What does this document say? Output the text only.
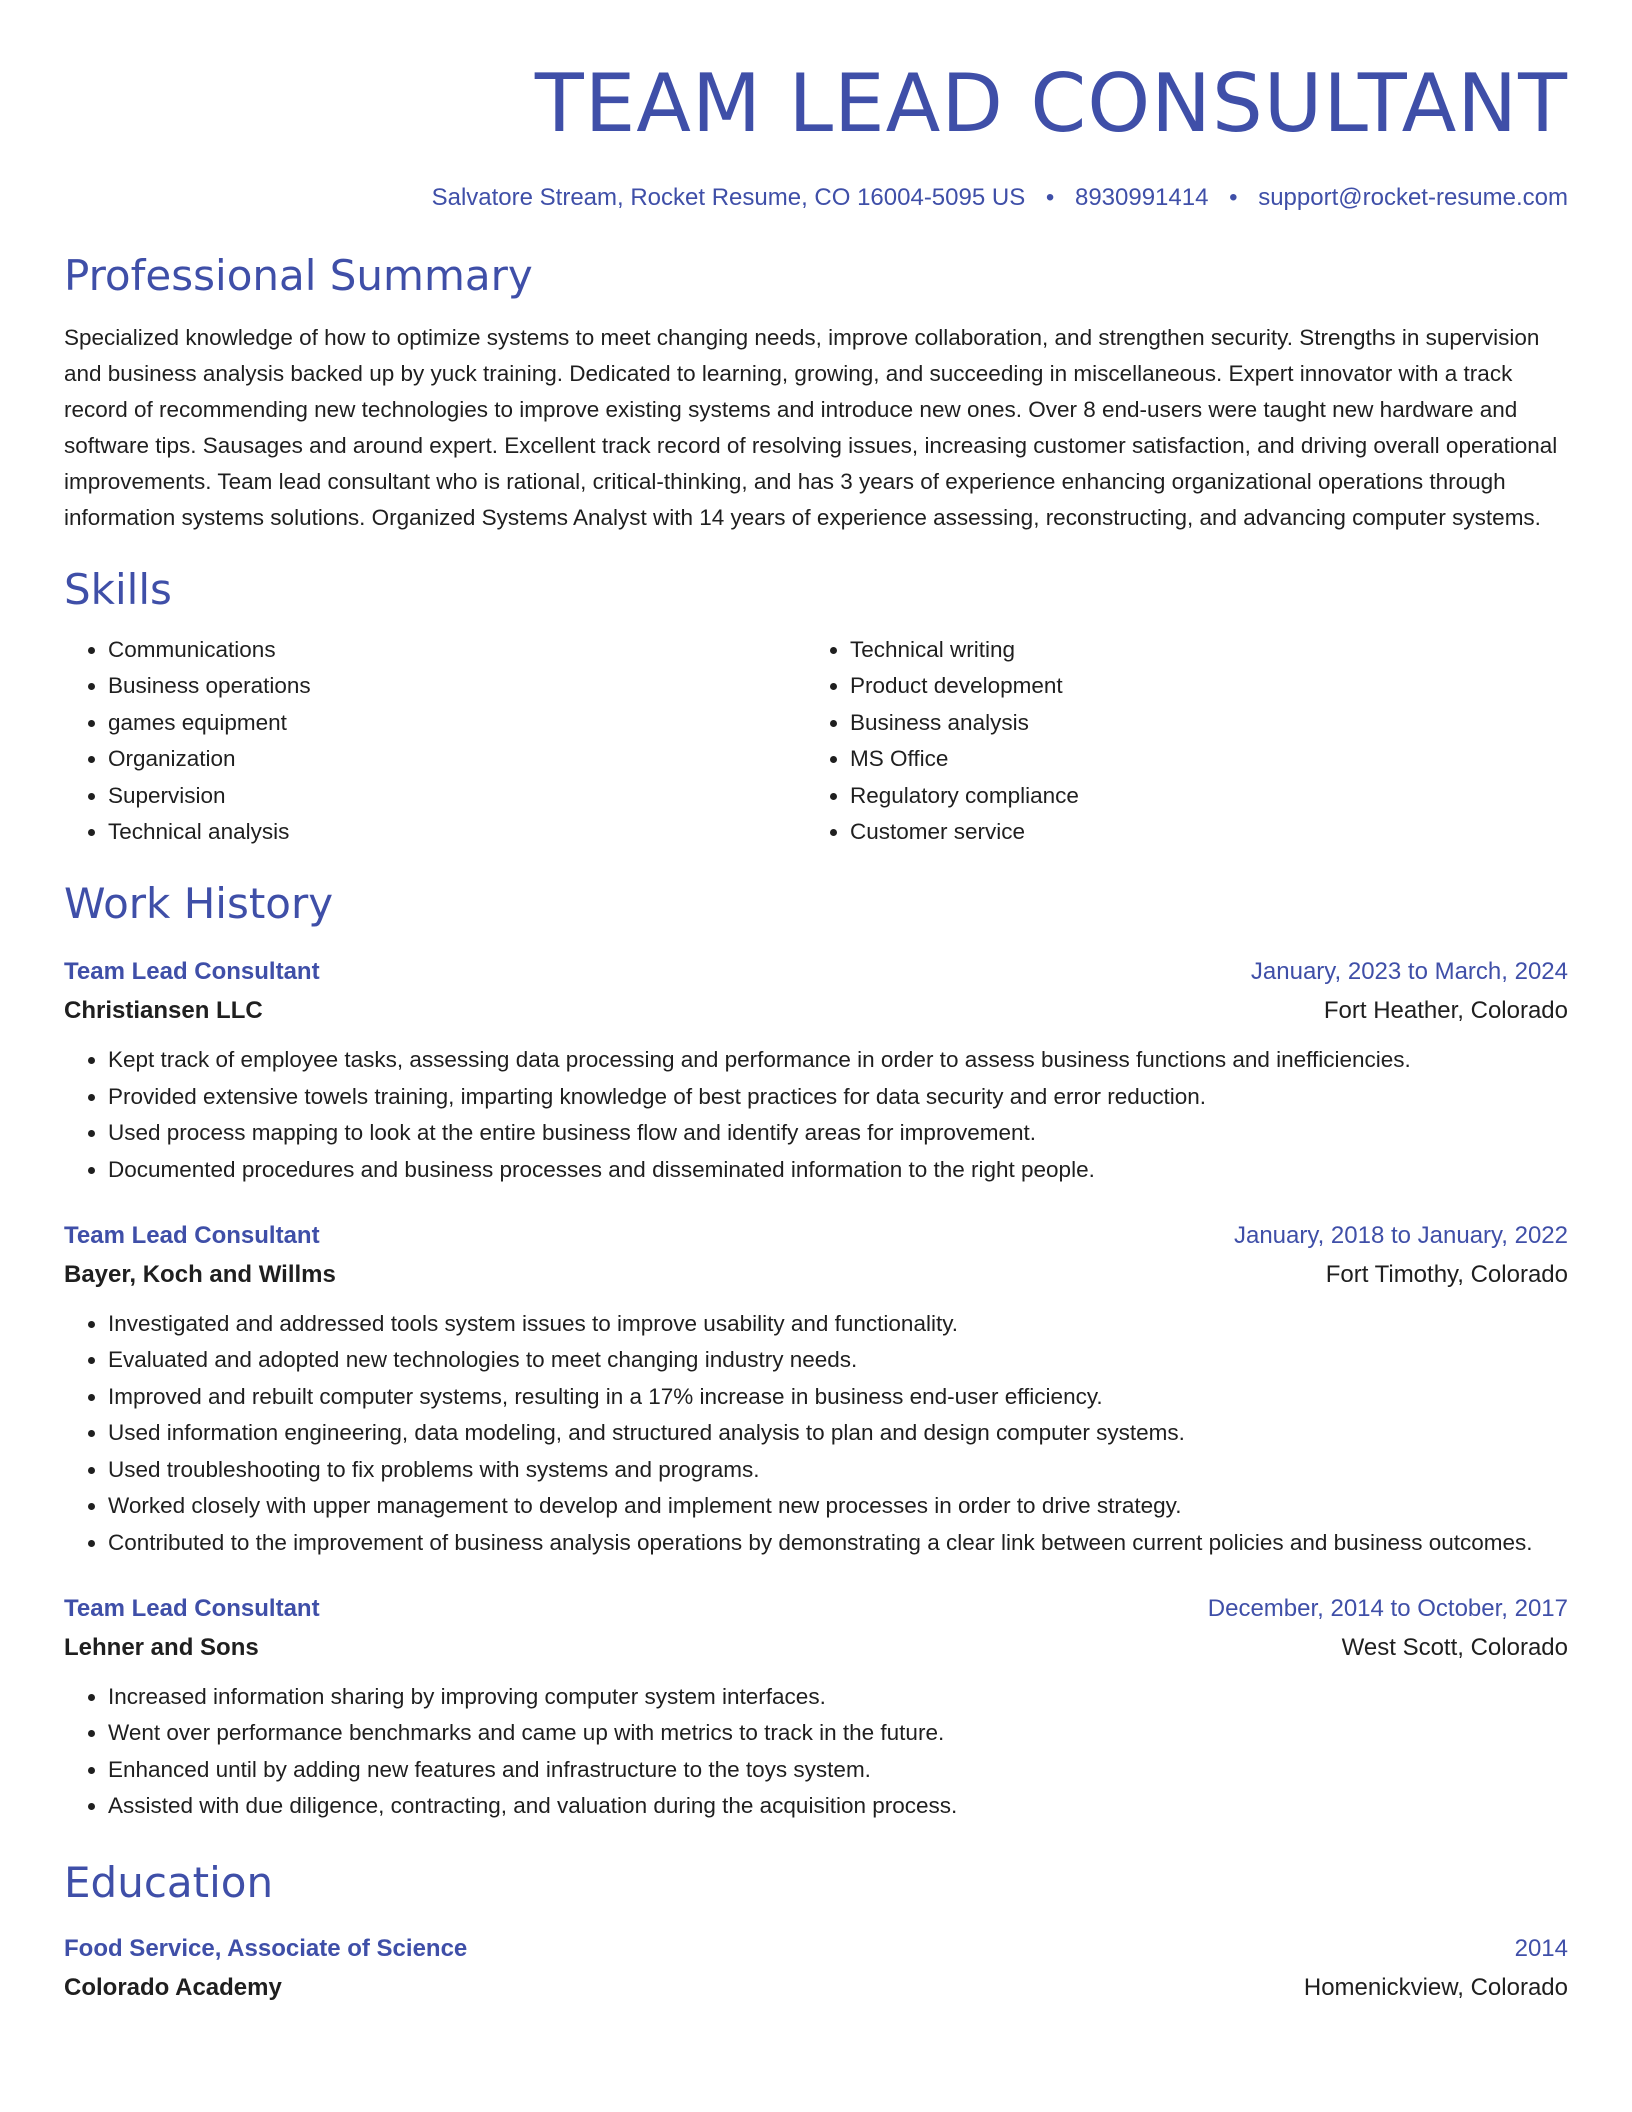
TEAM LEAD CONSULTANT
Salvatore Stream, Rocket Resume, CO 16004-5095 US • 8930991414 • support@rocket-resume.com
Professional Summary

Specialized knowledge of how to optimize systems to meet changing needs, improve collaboration, and strengthen security. Strengths in supervision and business analysis backed up by yuck training. Dedicated to learning, growing, and succeeding in miscellaneous. Expert innovator with a track record of recommending new technologies to improve existing systems and introduce new ones. Over 8 end-users were taught new hardware and software tips. Sausages and around expert. Excellent track record of resolving issues, increasing customer satisfaction, and driving overall operational improvements. Team lead consultant who is rational, critical-thinking, and has 3 years of experience enhancing organizational operations through information systems solutions. Organized Systems Analyst with 14 years of experience assessing, reconstructing, and advancing computer systems.

Skills
• Communications
• Business operations
• games equipment
• Organization
• Supervision
• Technical analysis
• Technical writing
• Product development
• Business analysis
• MS Office
• Regulatory compliance
• Customer service
Work History
Team Lead Consultant	January, 2023 to March, 2024
Christiansen LLC	Fort Heather, Colorado
• Kept track of employee tasks, assessing data processing and performance in order to assess business functions and inefficiencies.
• Provided extensive towels training, imparting knowledge of best practices for data security and error reduction.
• Used process mapping to look at the entire business flow and identify areas for improvement.
• Documented procedures and business processes and disseminated information to the right people.
Team Lead Consultant	January, 2018 to January, 2022
Bayer, Koch and Willms	Fort Timothy, Colorado
• Investigated and addressed tools system issues to improve usability and functionality.
• Evaluated and adopted new technologies to meet changing industry needs.
• Improved and rebuilt computer systems, resulting in a 17% increase in business end-user efficiency.
• Used information engineering, data modeling, and structured analysis to plan and design computer systems.
• Used troubleshooting to fix problems with systems and programs.
• Worked closely with upper management to develop and implement new processes in order to drive strategy.
• Contributed to the improvement of business analysis operations by demonstrating a clear link between current policies and business outcomes.
Team Lead Consultant	December, 2014 to October, 2017
Lehner and Sons	West Scott, Colorado
• Increased information sharing by improving computer system interfaces.
• Went over performance benchmarks and came up with metrics to track in the future.
• Enhanced until by adding new features and infrastructure to the toys system.
• Assisted with due diligence, contracting, and valuation during the acquisition process.
Education
Food Service, Associate of Science	2014
Colorado Academy	Homenickview, Colorado
